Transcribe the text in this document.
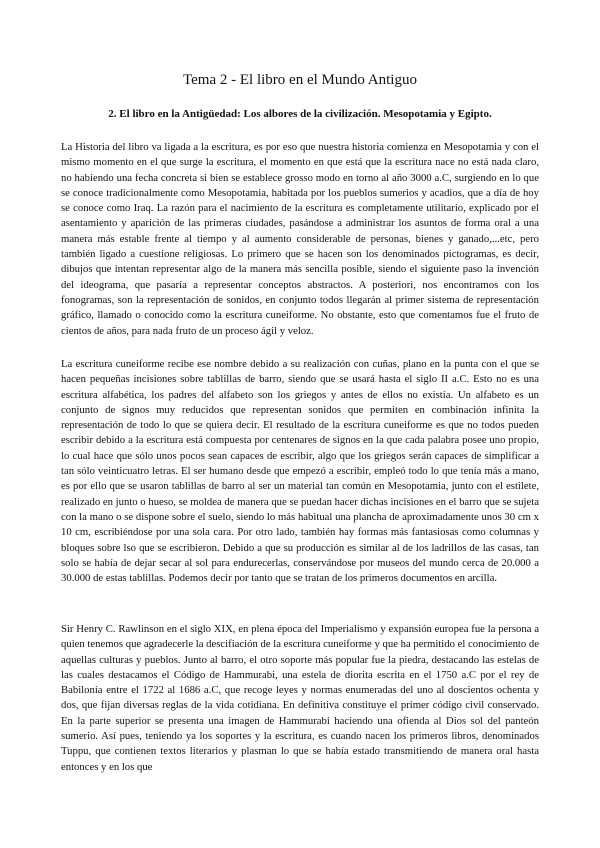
Tema 2 - El libro en el Mundo Antiguo
2. El libro en la Antigüedad: Los albores de la civilización. Mesopotamia y Egipto.

La Historia del libro va ligada a la escritura, es por eso que nuestra historia comienza en Mesopotamia y con el mismo momento en el que surge la escritura, el momento en que está que la escritura nace no está nada claro, no habiendo una fecha concreta si bien se establece grosso modo en torno al año 3000 a.C, surgiendo en lo que se conoce tradicionalmente como Mesopotamia, habitada por los pueblos sumerios y acadios, que a día de hoy se conoce como Iraq. La razón para el nacimiento de la escritura es completamente utilitario, explicado por el asentamiento y aparición de las primeras ciudades, pasándose a administrar los asuntos de forma oral a una manera más estable frente al tiempo y al aumento considerable de personas, bienes y ganado,...etc, pero también ligado a cuestione religiosas. Lo primero que se hacen son los denominados pictogramas, es decir, dibujos que intentan representar algo de la manera más sencilla posible, siendo el siguiente paso la invención del ideograma, que pasaría a representar conceptos abstractos. A posteriori, nos encontramos con los fonogramas, son la representación de sonidos, en conjunto todos llegarán al primer sistema de representación gráfico, llamado o conocido como la escritura cuneiforme. No obstante, esto que comentamos fue el fruto de cientos de años, para nada fruto de un proceso ágil y veloz.

La escritura cuneiforme recibe ese nombre debido a su realización con cuñas, plano en la punta con el que se hacen pequeñas incisiones sobre tablillas de barro, siendo que se usará hasta el siglo II a.C. Esto no es una escritura alfabética, los padres del alfabeto son los griegos y antes de ellos no existía. Un alfabeto es un conjunto de signos muy reducidos que representan sonidos que permiten en combinación infinita la representación de todo lo que se quiera decir. El resultado de la escritura cuneiforme es que no todos pueden escribir debido a la escritura está compuesta por centenares de signos en la que cada palabra posee uno propio, lo cual hace que sólo unos pocos sean capaces de escribir, algo que los griegos serán capaces de simplificar a tan sólo veinticuatro letras. El ser humano desde que empezó a escribir, empleó todo lo que tenía más a mano, es por ello que se usaron tablillas de barro al ser un material tan común en Mesopotamia, junto con el estilete, realizado en junto o hueso, se moldea de manera que se puedan hacer dichas incisiones en el barro que se sujeta con la mano o se dispone sobre el suelo, siendo lo más habitual una plancha de aproximadamente unos 30 cm x 10 cm, escribiéndose por una sola cara. Por otro lado, también hay formas más fantasiosas como columnas y bloques sobre lso que se escribieron. Debido a que su producción es similar al de los ladrillos de las casas, tan solo se había de dejar secar al sol para endurecerlas, conservándose por museos del mundo cerca de 20.000 a 30.000 de estas tablillas. Podemos decir por tanto que se tratan de los primeros documentos en arcilla.

Sir Henry C. Rawlinson en el siglo XIX, en plena época del Imperialismo y expansión europea fue la persona a quien tenemos que agradecerle la descifiación de la escritura cuneiforme y que ha permitido el conocimiento de aquellas culturas y pueblos. Junto al barro, el otro soporte más popular fue la piedra, destacando las estelas de las cuales destacamos el Código de Hammurabi, una estela de diorita escrita en el 1750 a.C por el rey de Babilonia entre el 1722 al 1686 a.C, que recoge leyes y normas enumeradas del uno al doscientos ochenta y dos, que fijan diversas reglas de la vida cotidiana. En definitiva constituye el primer código civil conservado. En la parte superior se presenta una imagen de Hammurabi haciendo una ofienda al Dios sol del panteón sumerio. Así pues, teniendo ya los soportes y la escritura, es cuando nacen los primeros libros, denominados Tuppu, que contienen textos literarios y plasman lo que se había estado transmitiendo de manera oral hasta entonces y en los que
